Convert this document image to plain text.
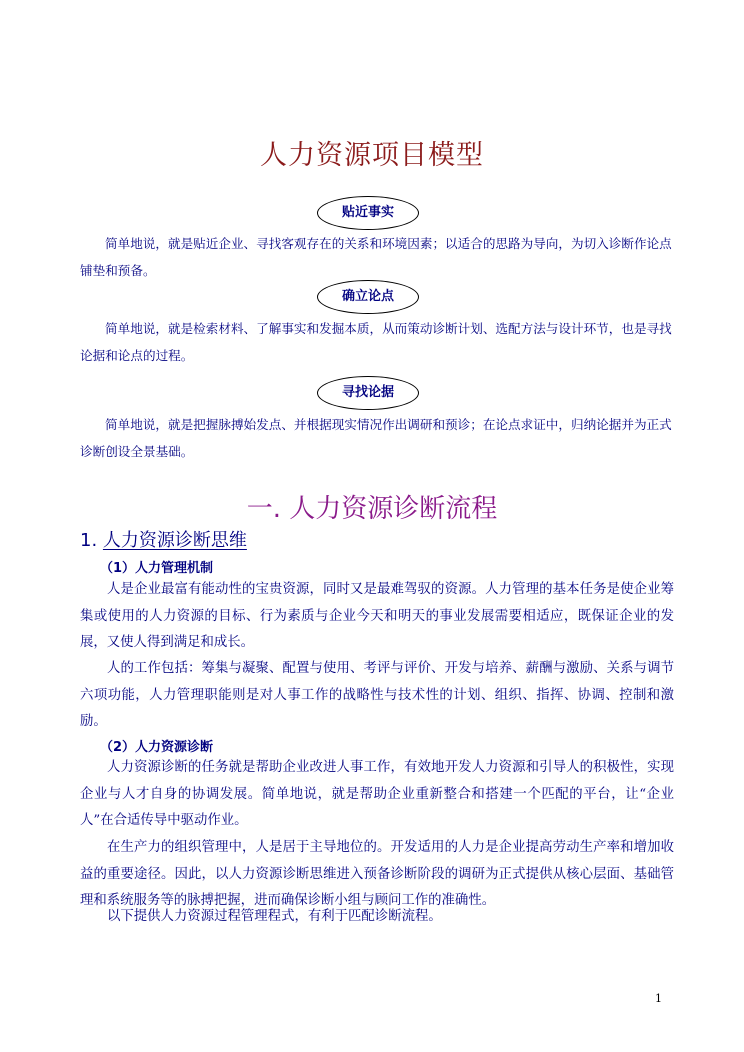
人力资源项目模型
贴近事实

简单地说，就是贴近企业、寻找客观存在的关系和环境因素；以适合的思路为导向，为切入诊断作论点铺垫和预备。

确立论点

简单地说，就是检索材料、了解事实和发掘本质，从而策动诊断计划、选配方法与设计环节，也是寻找论据和论点的过程。

寻找论据

简单地说，就是把握脉搏始发点、并根据现实情况作出调研和预诊；在论点求证中，归纳论据并为正式诊断创设全景基础。

一. 人力资源诊断流程
1. 人力资源诊断思维
（1）人力管理机制

人是企业最富有能动性的宝贵资源，同时又是最难驾驭的资源。人力管理的基本任务是使企业筹集或使用的人力资源的目标、行为素质与企业今天和明天的事业发展需要相适应，既保证企业的发展，又使人得到满足和成长。

人的工作包括：筹集与凝聚、配置与使用、考评与评价、开发与培养、薪酬与激励、关系与调节六项功能，人力管理职能则是对人事工作的战略性与技术性的计划、组织、指挥、协调、控制和激励。

（2）人力资源诊断

人力资源诊断的任务就是帮助企业改进人事工作，有效地开发人力资源和引导人的积极性，实现企业与人才自身的协调发展。简单地说，就是帮助企业重新整合和搭建一个匹配的平台，让“企业人”在合适传导中驱动作业。

在生产力的组织管理中，人是居于主导地位的。开发适用的人力是企业提高劳动生产率和增加收益的重要途径。因此，以人力资源诊断思维进入预备诊断阶段的调研为正式提供从核心层面、基础管理和系统服务等的脉搏把握，进而确保诊断小组与顾问工作的准确性。

以下提供人力资源过程管理程式，有利于匹配诊断流程。

1
